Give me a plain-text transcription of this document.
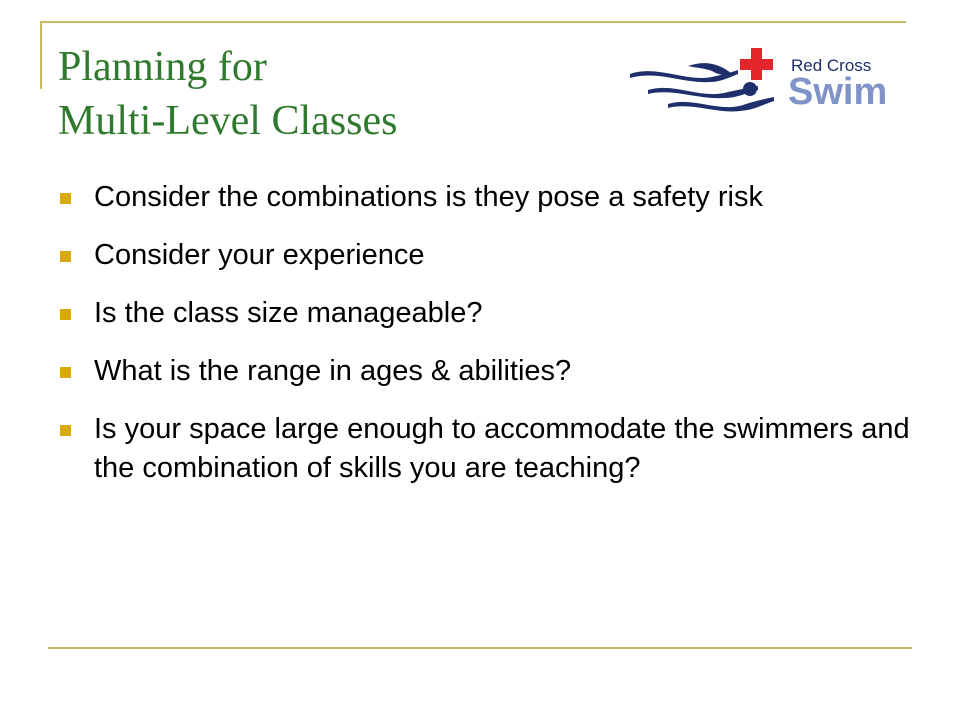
Planning for
Multi-Level Classes
Red Cross
Swim
Consider the combinations is they pose a safety risk
Consider your experience
Is the class size manageable?
What is the range in ages & abilities?
Is your space large enough to accommodate the swimmers and the combination of skills you are teaching?
